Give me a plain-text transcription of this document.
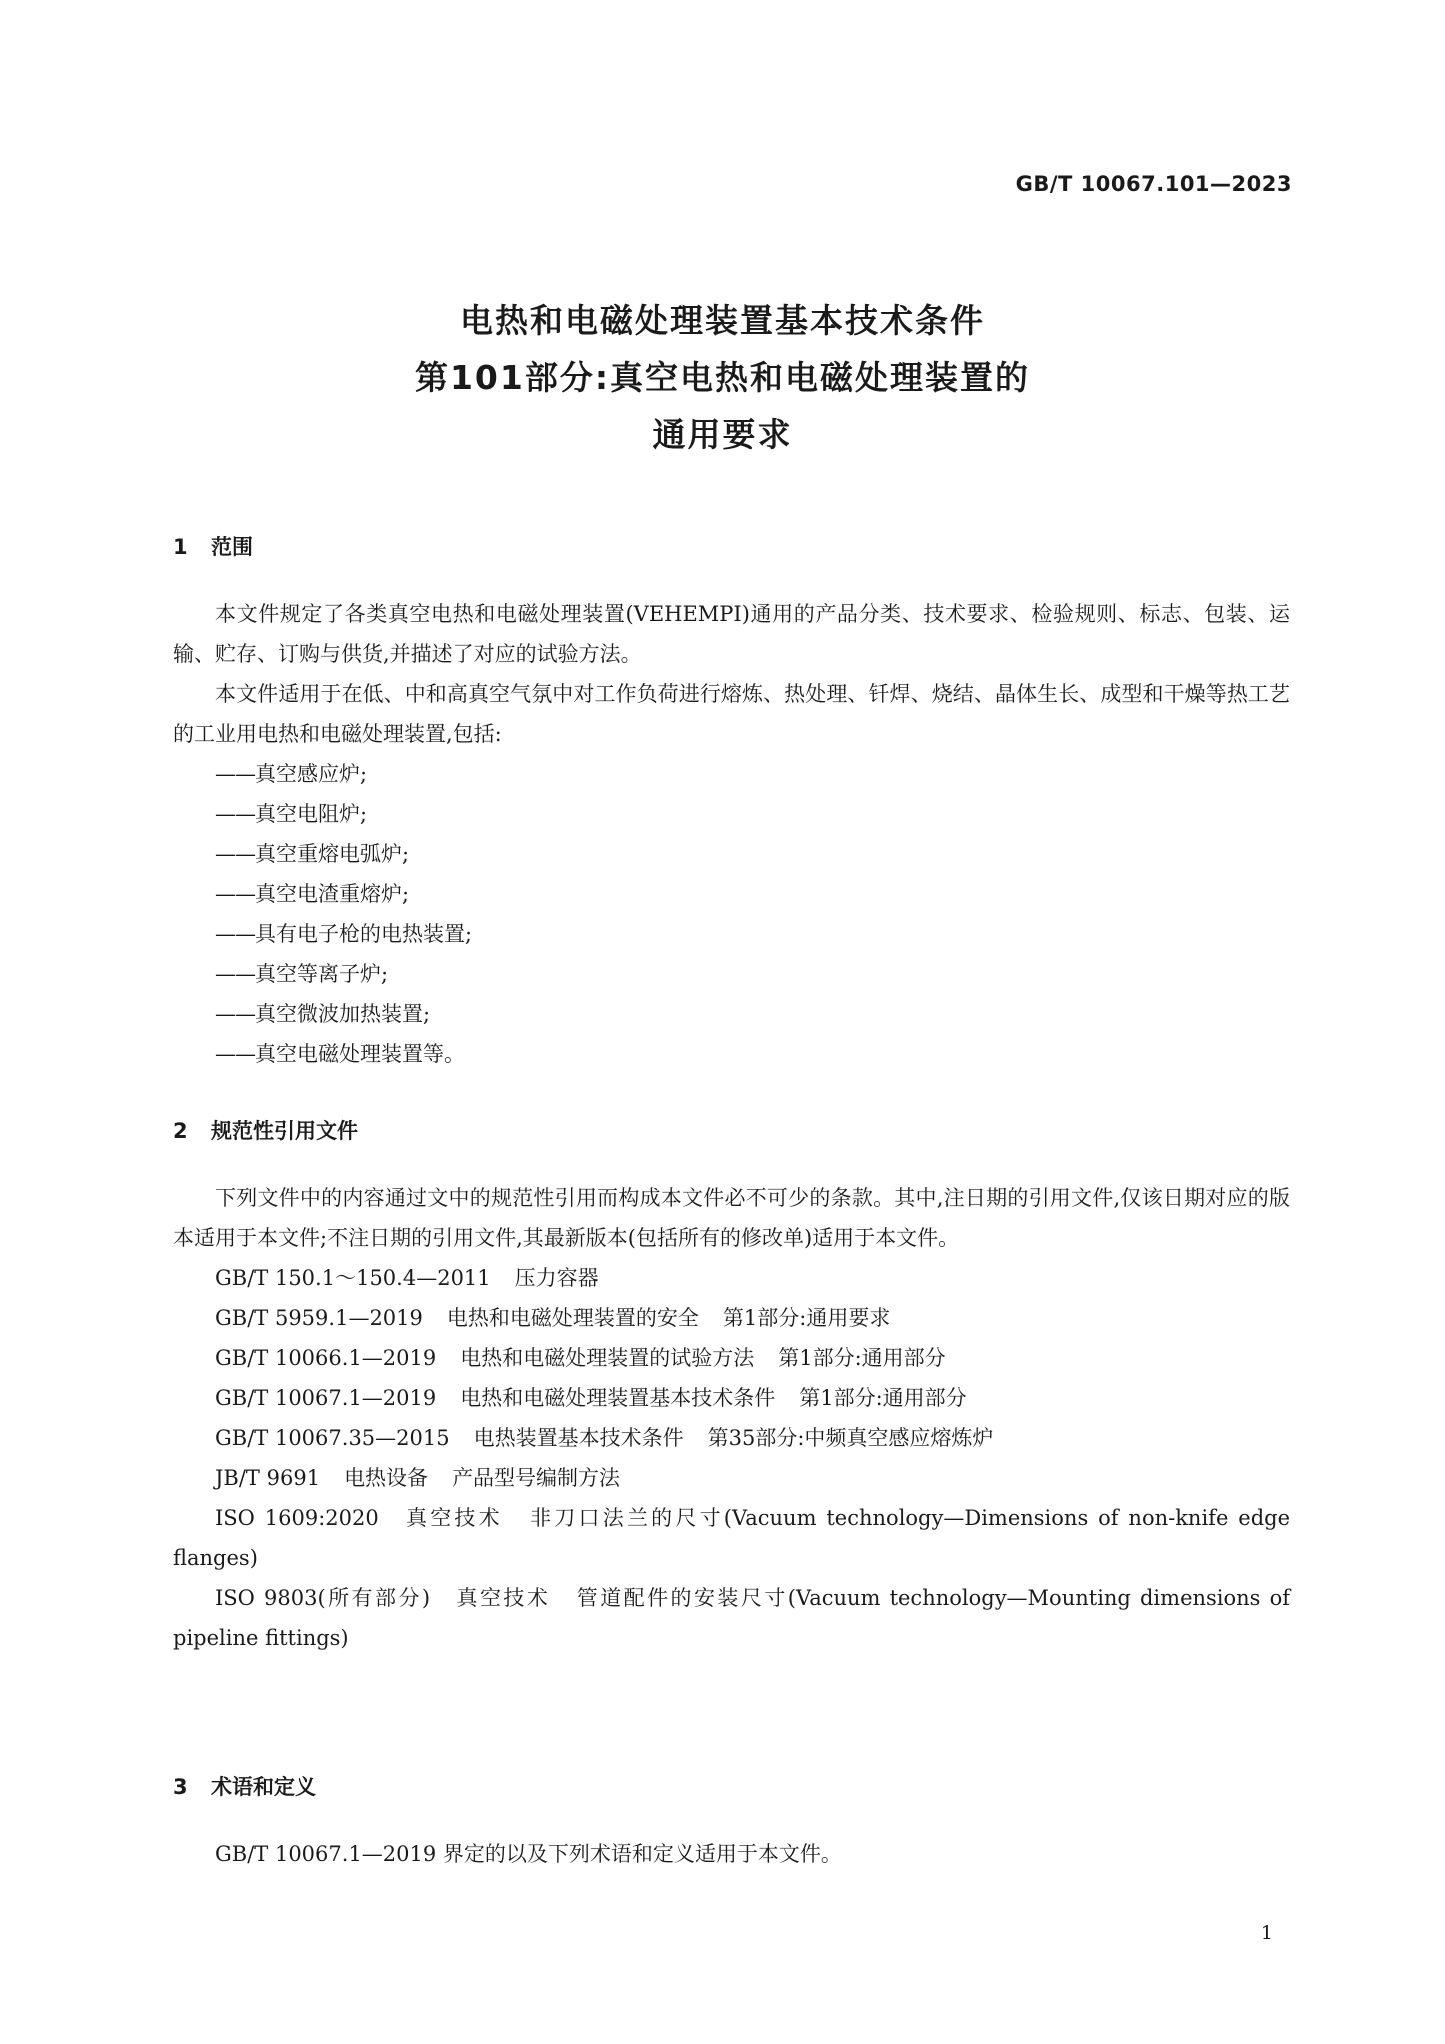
GB/T 10067.101—2023
电热和电磁处理装置基本技术条件
第101部分:真空电热和电磁处理装置的
通用要求
1 范围

本文件规定了各类真空电热和电磁处理装置(VEHEMPI)通用的产品分类、技术要求、检验规则、标志、包装、运输、贮存、订购与供货,并描述了对应的试验方法。

本文件适用于在低、中和高真空气氛中对工作负荷进行熔炼、热处理、钎焊、烧结、晶体生长、成型和干燥等热工艺的工业用电热和电磁处理装置,包括:

—— 真空感应炉;

—— 真空电阻炉;

—— 真空重熔电弧炉;

—— 真空电渣重熔炉;

—— 具有电子枪的电热装置;

—— 真空等离子炉;

—— 真空微波加热装置;

—— 真空电磁处理装置等。

2 规范性引用文件

下列文件中的内容通过文中的规范性引用而构成本文件必不可少的条款。其中,注日期的引用文件,仅该日期对应的版本适用于本文件;不注日期的引用文件,其最新版本(包括所有的修改单)适用于本文件。

GB/T 150.1～150.4—2011 压力容器

GB/T 5959.1—2019 电热和电磁处理装置的安全 第1部分:通用要求

GB/T 10066.1—2019 电热和电磁处理装置的试验方法 第1部分:通用部分

GB/T 10067.1—2019 电热和电磁处理装置基本技术条件 第1部分:通用部分

GB/T 10067.35—2015 电热装置基本技术条件 第35部分:中频真空感应熔炼炉

JB/T 9691 电热设备 产品型号编制方法

ISO 1609:2020 真空技术 非刀口法兰的尺寸(Vacuum technology—Dimensions of non-knife edge flanges)

ISO 9803(所有部分) 真空技术 管道配件的安装尺寸(Vacuum technology—Mounting dimensions of pipeline fittings)

3 术语和定义

GB/T 10067.1—2019 界定的以及下列术语和定义适用于本文件。

1
